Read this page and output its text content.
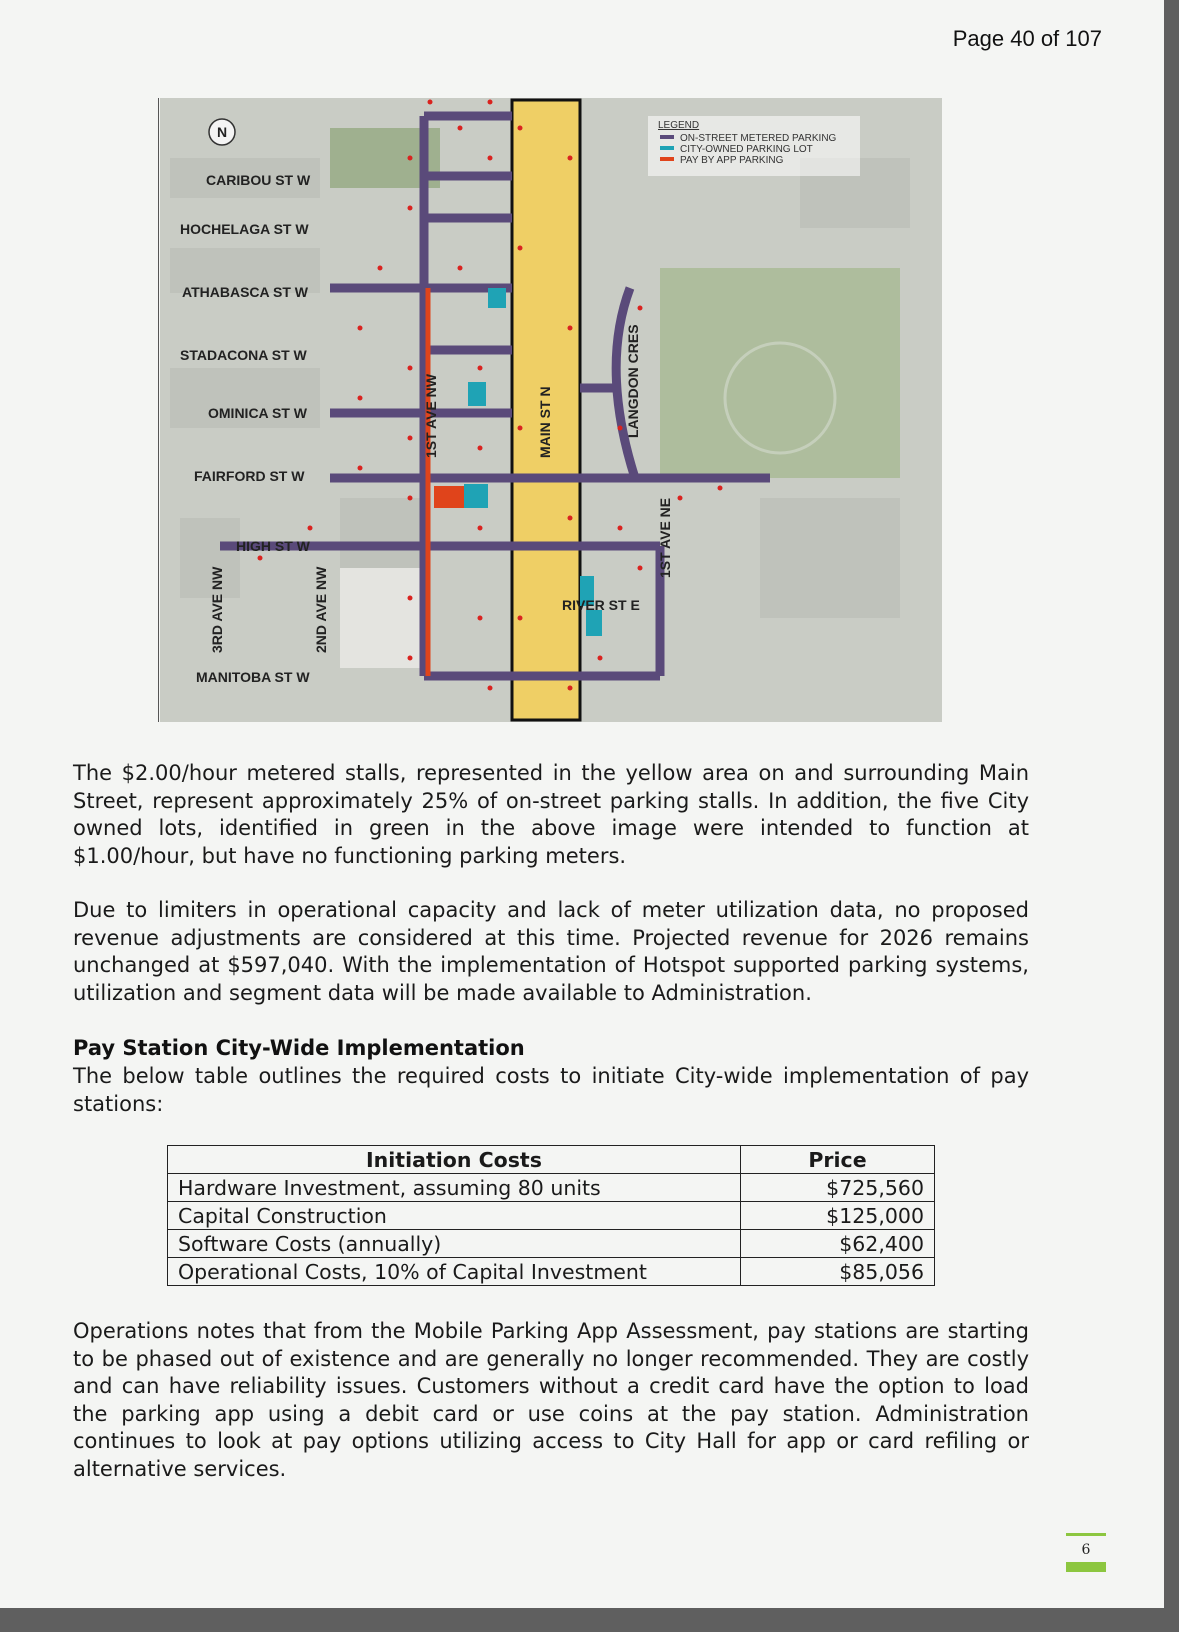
Page 40 of 107
N	LEGEND
ON-STREET METERED PARKING
CITY-OWNED PARKING LOT
PAY BY APP PARKING
CARIBOU ST W
HOCHELAGA ST W
ATHABASCA ST W
STADACONA ST W
OMINICA ST W
FAIRFORD ST W
HIGH ST W
MANITOBA ST W
3RD AVE NW	2ND AVE NW
1ST AVE NW	MAIN ST N	LANGDON CRES
1ST AVE NE
RIVER ST E

The $2.00/hour metered stalls, represented in the yellow area on and surrounding Main Street, represent approximately 25% of on-street parking stalls. In addition, the five City owned lots, identified in green in the above image were intended to function at $1.00/hour, but have no functioning parking meters.

Due to limiters in operational capacity and lack of meter utilization data, no proposed revenue adjustments are considered at this time. Projected revenue for 2026 remains unchanged at $597,040. With the implementation of Hotspot supported parking systems, utilization and segment data will be made available to Administration.

Pay Station City-Wide Implementation

The below table outlines the required costs to initiate City-wide implementation of pay stations:

Initiation Costs	Price
Hardware Investment, assuming 80 units	$725,560
Capital Construction	$125,000
Software Costs (annually)	$62,400
Operational Costs, 10% of Capital Investment	$85,056

Operations notes that from the Mobile Parking App Assessment, pay stations are starting to be phased out of existence and are generally no longer recommended. They are costly and can have reliability issues. Customers without a credit card have the option to load the parking app using a debit card or use coins at the pay station. Administration continues to look at pay options utilizing access to City Hall for app or card refiling or alternative services.

6
